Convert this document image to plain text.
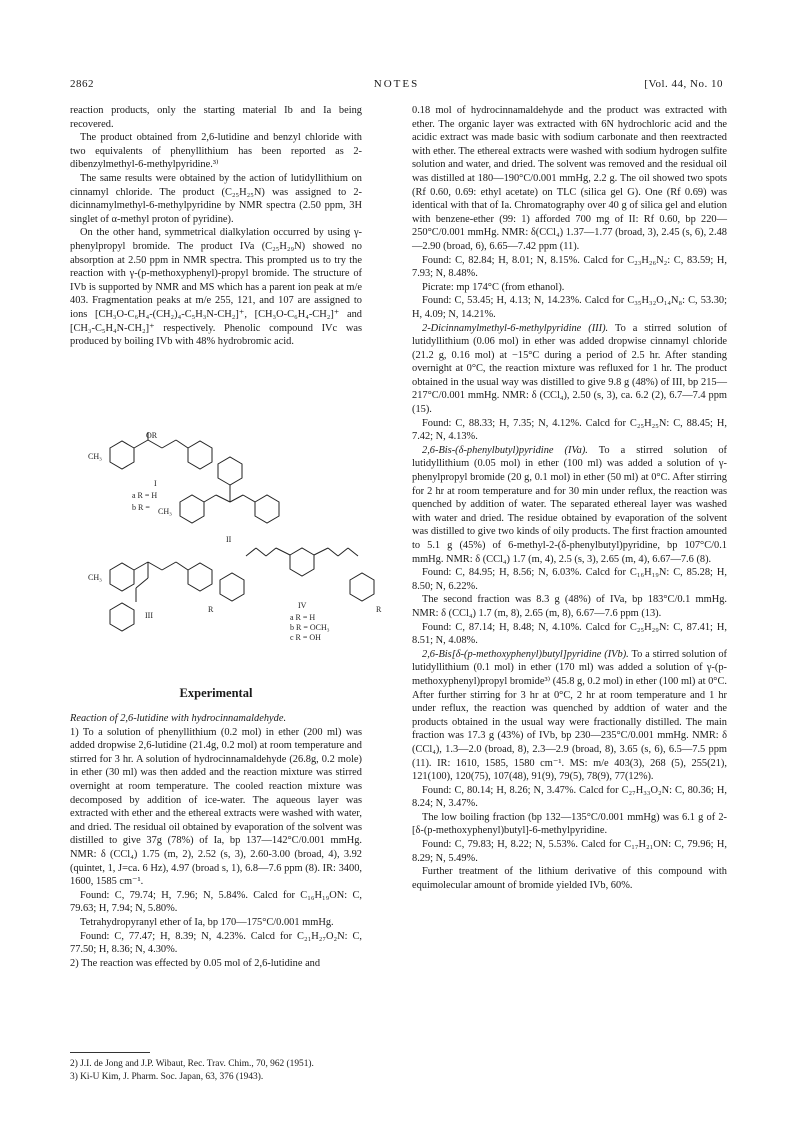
2862	NOTES	[Vol. 44, No. 10

reaction products, only the starting material Ib and Ia being recovered.

The product obtained from 2,6-lutidine and benzyl chloride with two equivalents of phenyllithium has been reported as 2-dibenzylmethyl-6-methylpyridine.³⁾

The same results were obtained by the action of lutidyllithium on cinnamyl chloride. The product (C₂₅H₂₅N) was assigned to 2-dicinnamylmethyl-6-methylpyridine by NMR spectra (2.50 ppm, 3H singlet of α-methyl proton of pyridine).

On the other hand, symmetrical dialkylation occurred by using γ-phenylpropyl bromide. The product IVa (C₂₅H₂₉N) showed no absorption at 2.50 ppm in NMR spectra. This prompted us to try the reaction with γ-(p-methoxyphenyl)-propyl bromide. The structure of IVb is supported by NMR and MS which has a parent ion peak at m/e 403. Fragmentation peaks at m/e 255, 121, and 107 are assigned to ions [CH₃O-C₆H₄-(CH₂)₄-C₅H₃N-CH₂]⁺, [CH₃O-C₆H₄-CH₂]⁺ and [CH₃-C₅H₄N-CH₂]⁺ respectively. Phenolic compound IVc was produced by boiling IVb with 48% hydrobromic acid.

CH₃
OR
I
a R = H
b R = CH₃
II
CH₃
III
R	R
IV
a R = H
b R = OCH₃
c R = OH
Experimental

Reaction of 2,6-lutidine with hydrocinnamaldehyde.

1) To a solution of phenyllithium (0.2 mol) in ether (200 ml) was added dropwise 2,6-lutidine (21.4g, 0.2 mol) at room temperature and stirred for 3 hr. A solution of hydrocinnamaldehyde (26.8g, 0.2 mole) in ether (30 ml) was then added and the reaction mixture was stirred overnight at room temperature. The cooled reaction mixture was decomposed by addition of ice-water. The aqueous layer was extracted with ether and the ethereal extracts were washed with water, and dried. The residual oil obtained by evaporation of the solvent was distilled to give 37g (78%) of Ia, bp 137—142°C/0.001 mmHg. NMR: δ (CCl₄) 1.75 (m, 2), 2.52 (s, 3), 2.60-3.00 (broad, 4), 3.92 (quintet, 1, J=ca. 6 Hz), 4.97 (broad s, 1), 6.8—7.6 ppm (8). IR: 3400, 1600, 1585 cm⁻¹.

Found: C, 79.74; H, 7.96; N, 5.84%. Calcd for C₁₆H₁₉ON: C, 79.63; H, 7.94; N, 5.80%.

Tetrahydropyranyl ether of Ia, bp 170—175°C/0.001 mmHg.

Found: C, 77.47; H, 8.39; N, 4.23%. Calcd for C₂₁H₂₇O₂N: C, 77.50; H, 8.36; N, 4.30%.

2) The reaction was effected by 0.05 mol of 2,6-lutidine and

2) J.I. de Jong and J.P. Wibaut, Rec. Trav. Chim., 70, 962 (1951).

3) Ki-U Kim, J. Pharm. Soc. Japan, 63, 376 (1943).

0.18 mol of hydrocinnamaldehyde and the product was extracted with ether. The organic layer was extracted with 6N hydrochloric acid and the acidic extract was made basic with sodium carbonate and then reextracted with ether. The ethereal extracts were washed with sodium hydrogen sulfite solution and water, and dried. The solvent was removed and the residual oil was distilled at 180—190°C/0.001 mmHg, 2.2 g. The oil showed two spots (Rf 0.60, 0.69: ethyl acetate) on TLC (silica gel G). One (Rf 0.69) was identical with that of Ia. Chromatography over 40 g of silica gel and elution with benzene-ether (99: 1) afforded 700 mg of II: Rf 0.60, bp 220—250°C/0.001 mmHg. NMR: δ(CCl₄) 1.37—1.77 (broad, 3), 2.45 (s, 6), 2.48—2.90 (broad, 6), 6.65—7.42 ppm (11).

Found: C, 82.84; H, 8.01; N, 8.15%. Calcd for C₂₃H₂₆N₂: C, 83.59; H, 7.93; N, 8.48%.

Picrate: mp 174°C (from ethanol).

Found: C, 53.45; H, 4.13; N, 14.23%. Calcd for C₃₅H₃₂O₁₄N₈: C, 53.30; H, 4.09; N, 14.21%.

2-Dicinnamylmethyl-6-methylpyridine (III). To a stirred solution of lutidyllithium (0.06 mol) in ether was added dropwise cinnamyl chloride (21.2 g, 0.16 mol) at −15°C during a period of 2.5 hr. After standing overnight at 0°C, the reaction mixture was refluxed for 1 hr. The product obtained in the usual way was distilled to give 9.8 g (48%) of III, bp 215—217°C/0.001 mmHg. NMR: δ (CCl₄), 2.50 (s, 3), ca. 6.2 (2), 6.7—7.4 ppm (15).

Found: C, 88.33; H, 7.35; N, 4.12%. Calcd for C₂₅H₂₅N: C, 88.45; H, 7.42; N, 4.13%.

2,6-Bis-(δ-phenylbutyl)pyridine (IVa). To a stirred solution of lutidyllithium (0.05 mol) in ether (100 ml) was added a solution of γ-phenylpropyl bromide (20 g, 0.1 mol) in ether (50 ml) at 0°C. After stirring for 2 hr at room temperature and for 30 min under reflux, the reaction was quenched by addition of water. The separated ethereal layer was washed with water and dried. The residue obtained by evaporation of the solvent was distilled to give two kinds of oily products. The first fraction amounted to 5.1 g (45%) of 6-methyl-2-(δ-phenylbutyl)pyridine, bp 107°C/0.1 mmHg. NMR: δ (CCl₄) 1.7 (m, 4), 2.5 (s, 3), 2.65 (m, 4), 6.67—7.6 (8).

Found: C, 84.95; H, 8.56; N, 6.03%. Calcd for C₁₆H₁₉N: C, 85.28; H, 8.50; N, 6.22%.

The second fraction was 8.3 g (48%) of IVa, bp 183°C/0.1 mmHg. NMR: δ (CCl₄) 1.7 (m, 8), 2.65 (m, 8), 6.67—7.6 ppm (13).

Found: C, 87.14; H, 8.48; N, 4.10%. Calcd for C₂₅H₂₉N: C, 87.41; H, 8.51; N, 4.08%.

2,6-Bis[δ-(p-methoxyphenyl)butyl]pyridine (IVb). To a stirred solution of lutidyllithium (0.1 mol) in ether (170 ml) was added a solution of γ-(p-methoxyphenyl)propyl bromide³⁾ (45.8 g, 0.2 mol) in ether (100 ml) at 0°C. After further stirring for 3 hr at 0°C, 2 hr at room temperature and 1 hr under reflux, the reaction was quenched by addtion of water and the products obtained in the usual way were fractionally distilled. The main fraction was 17.3 g (43%) of IVb, bp 230—235°C/0.001 mmHg. NMR: δ (CCl₄), 1.3—2.0 (broad, 8), 2.3—2.9 (broad, 8), 3.65 (s, 6), 6.5—7.5 ppm (11). IR: 1610, 1585, 1580 cm⁻¹. MS: m/e 403(3), 268 (5), 255(21), 121(100), 120(75), 107(48), 91(9), 79(5), 78(9), 77(12%).

Found: C, 80.14; H, 8.26; N, 3.47%. Calcd for C₂₇H₃₃O₂N: C, 80.36; H, 8.24; N, 3.47%.

The low boiling fraction (bp 132—135°C/0.001 mmHg) was 6.1 g of 2-[δ-(p-methoxyphenyl)butyl]-6-methylpyridine.

Found: C, 79.83; H, 8.22; N, 5.53%. Calcd for C₁₇H₂₁ON: C, 79.96; H, 8.29; N, 5.49%.

Further treatment of the lithium derivative of this compound with equimolecular amount of bromide yielded IVb, 60%.
